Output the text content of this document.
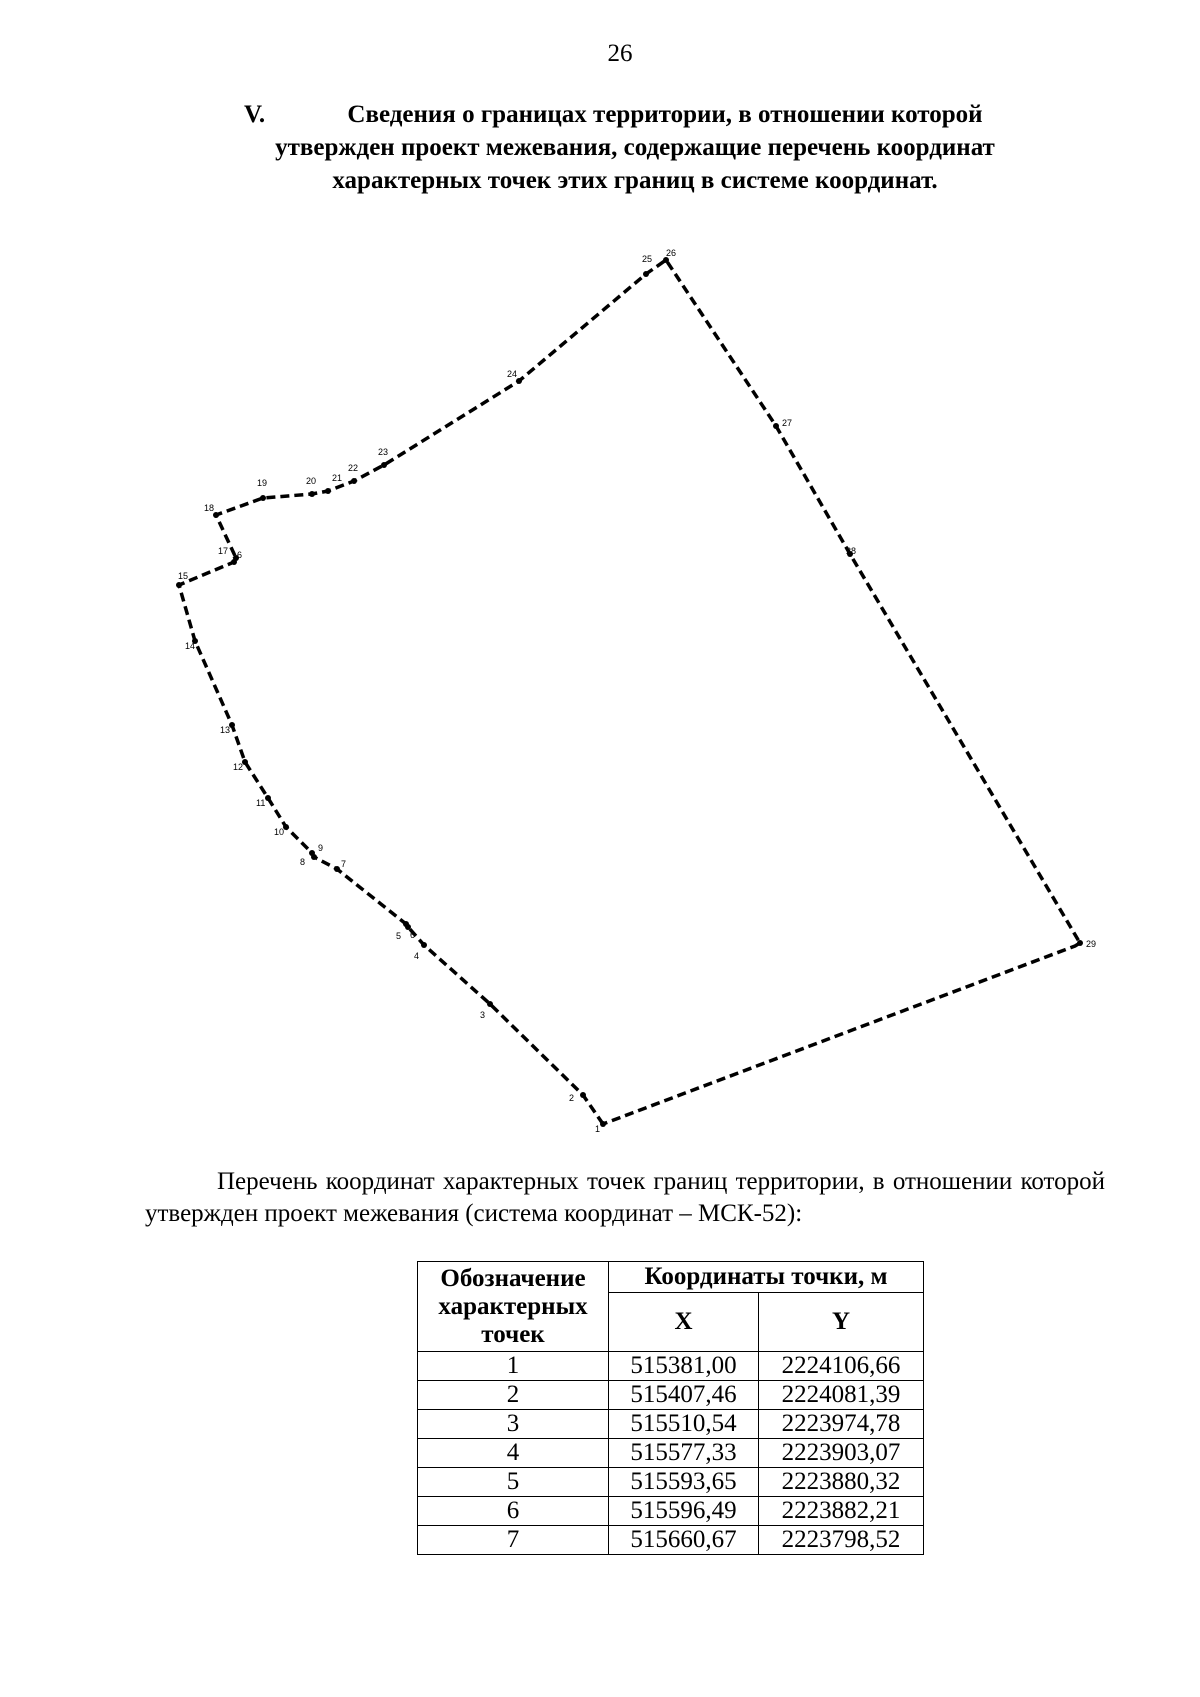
26
V.	Сведения о границах территории, в отношении которой
утвержден проект межевания, содержащие перечень координат
характерных точек этих границ в системе координат.
1
2
3
4
5 6
7
8
9
10
11
12
13
14
15
16
17
18
19	20 21
22
23
24
25
26
27
28
29
Перечень координат характерных точек границ территории, в отношении которой утвержден проект межевания (система координат – МСК-52):
Обозначение характерных точек	Координаты точки, м	
	X	Y
1	515381,00	2224106,66
2	515407,46	2224081,39
3	515510,54	2223974,78
4	515577,33	2223903,07
5	515593,65	2223880,32
6	515596,49	2223882,21
7	515660,67	2223798,52
